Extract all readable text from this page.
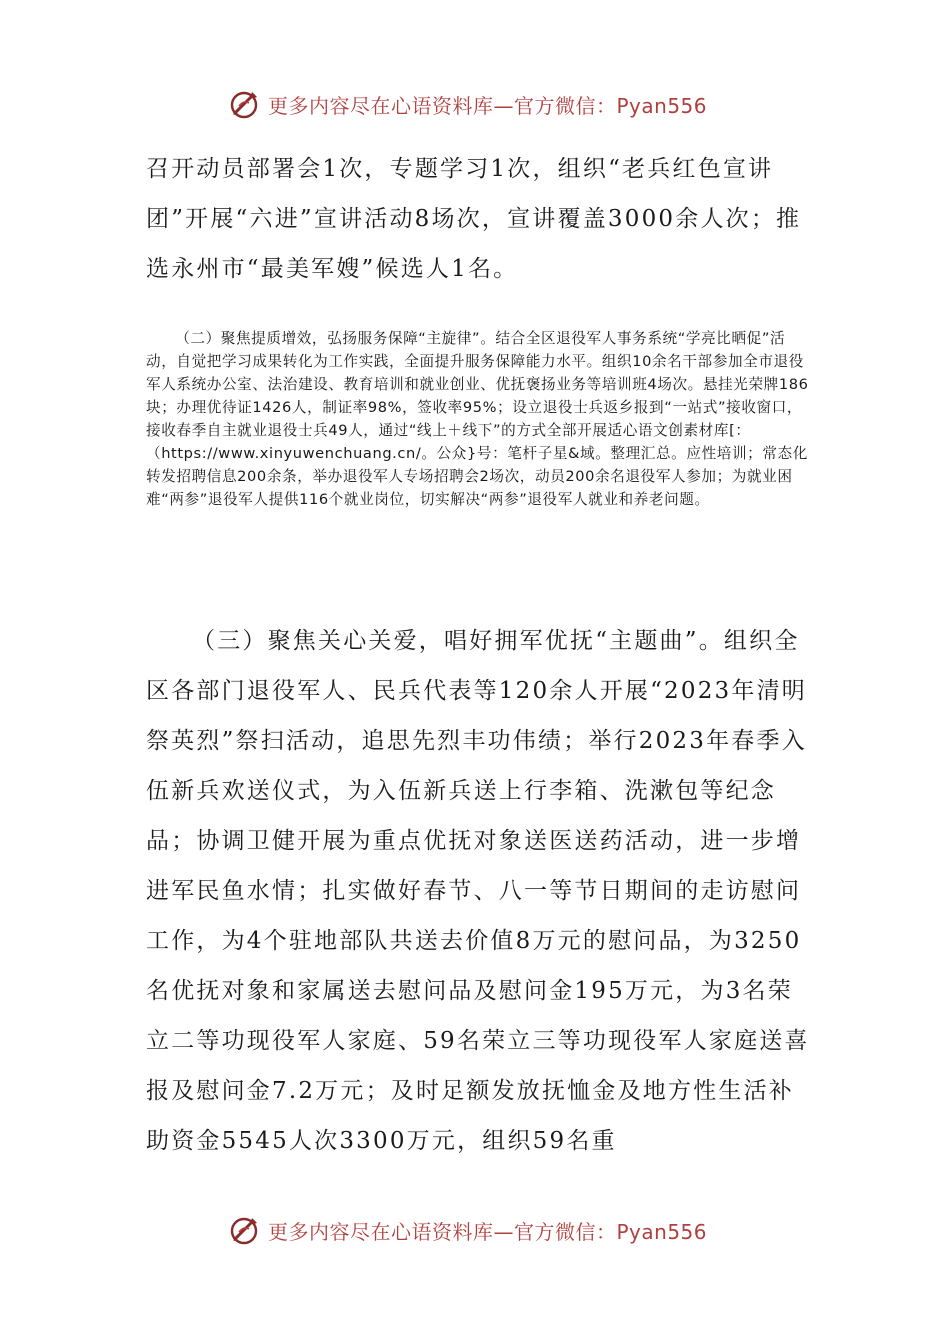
更多内容尽在心语资料库—官方微信：Pyan556

召开动员部署会1次，专题学习1次，组织“老兵红色宣讲团”开展“六进”宣讲活动8场次，宣讲覆盖3000余人次；推选永州市“最美军嫂”候选人1名。

（二）聚焦提质增效，弘扬服务保障“主旋律”。结合全区退役军人事务系统“学亮比晒促”活动，自觉把学习成果转化为工作实践，全面提升服务保障能力水平。组织10余名干部参加全市退役军人系统办公室、法治建设、教育培训和就业创业、优抚褒扬业务等培训班4场次。悬挂光荣牌186块；办理优待证1426人，制证率98%，签收率95%；设立退役士兵返乡报到“一站式”接收窗口，接收春季自主就业退役士兵49人，通过“线上＋线下”的方式全部开展适心语文创素材库[：（https://www.xinyuwenchuang.cn/。公众}号：笔杆子星&域。整理汇总。应性培训；常态化转发招聘信息200余条，举办退役军人专场招聘会2场次，动员200余名退役军人参加；为就业困难“两参”退役军人提供116个就业岗位，切实解决“两参”退役军人就业和养老问题。

（三）聚焦关心关爱，唱好拥军优抚“主题曲”。组织全区各部门退役军人、民兵代表等120余人开展“2023年清明祭英烈”祭扫活动，追思先烈丰功伟绩；举行2023年春季入伍新兵欢送仪式，为入伍新兵送上行李箱、洗漱包等纪念品；协调卫健开展为重点优抚对象送医送药活动，进一步增进军民鱼水情；扎实做好春节、八一等节日期间的走访慰问工作，为4个驻地部队共送去价值8万元的慰问品，为3250名优抚对象和家属送去慰问品及慰问金195万元，为3名荣立二等功现役军人家庭、59名荣立三等功现役军人家庭送喜报及慰问金7.2万元；及时足额发放抚恤金及地方性生活补助资金5545人次3300万元，组织59名重

更多内容尽在心语资料库—官方微信：Pyan556
